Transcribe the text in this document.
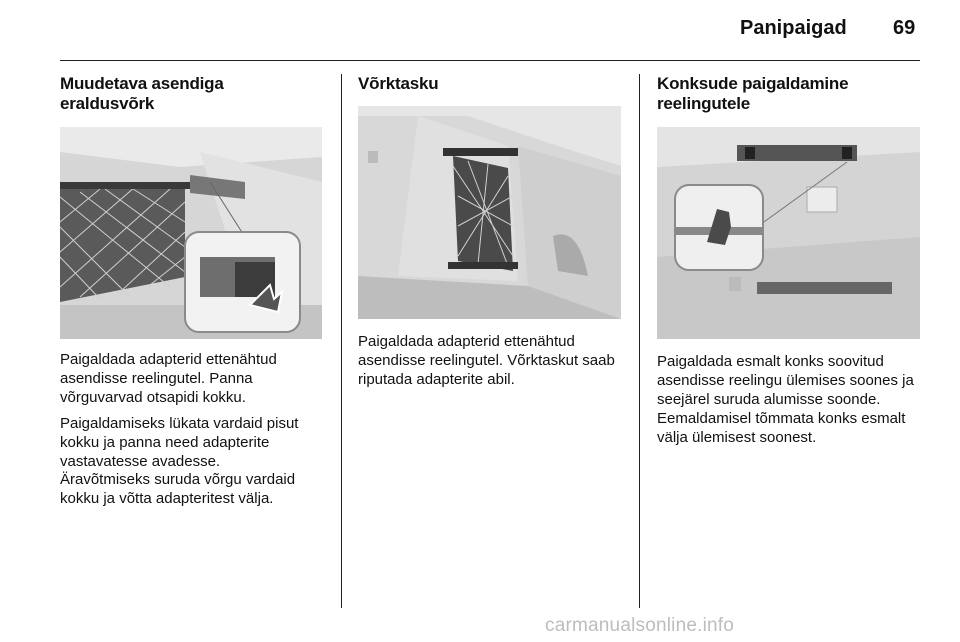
Panipaigad 69
Muudetava asendiga
eraldusvõrk

Paigaldada adapterid ettenähtud asendisse reelingutel. Panna võrguvarvad otsapidi kokku.

Paigaldamiseks lükata vardaid pisut kokku ja panna need adapterite vastavatesse avadesse.

Äravõtmiseks suruda võrgu vardaid kokku ja võtta adapteritest välja.

Võrktasku

Paigaldada adapterid ettenähtud asendisse reelingutel. Võrktaskut saab riputada adapterite abil.

Konksude paigaldamine
reelingutele

Paigaldada esmalt konks soovitud asendisse reelingu ülemises soones ja seejärel suruda alumisse soonde. Eemaldamisel tõmmata konks esmalt välja ülemisest soonest.

carmanualsonline.info
